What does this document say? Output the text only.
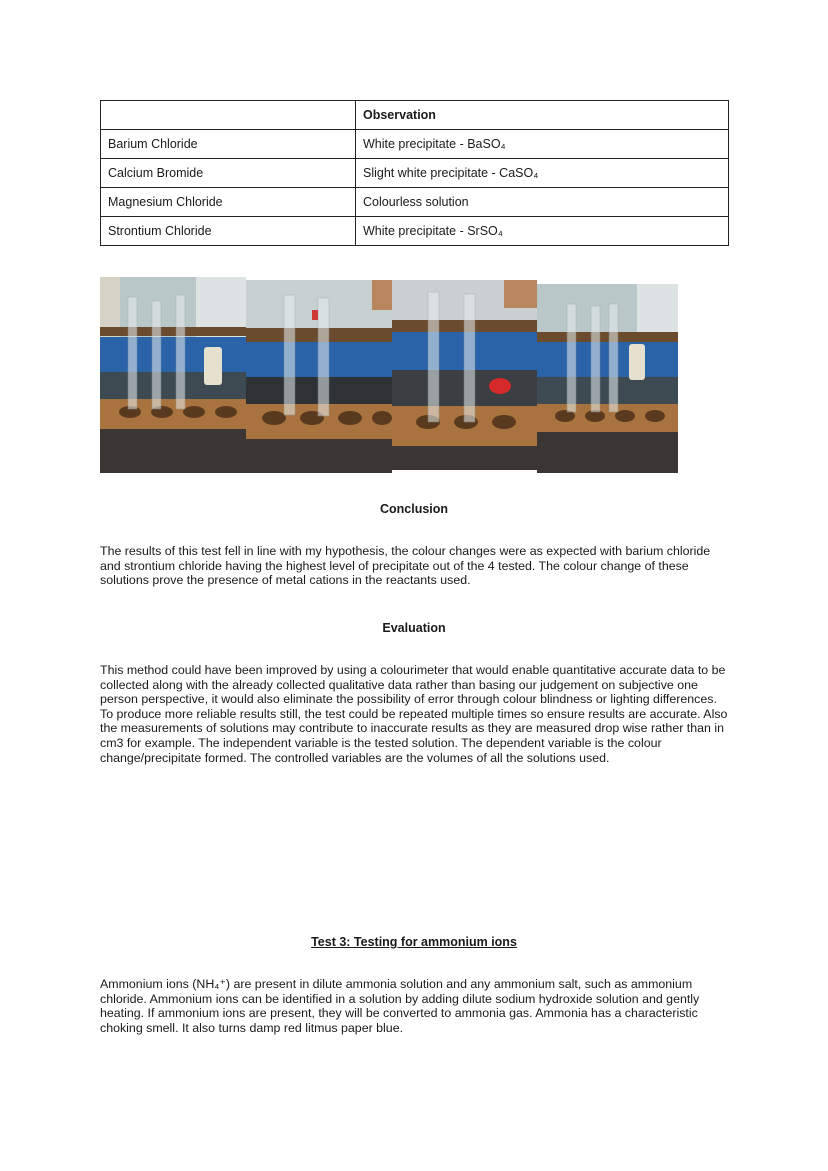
	Observation
Barium Chloride	White precipitate - BaSO₄
Calcium Bromide	Slight white precipitate - CaSO₄
Magnesium Chloride	Colourless solution
Strontium Chloride	White precipitate - SrSO₄
Conclusion
The results of this test fell in line with my hypothesis, the colour changes were as expected with barium chloride and strontium chloride having the highest level of precipitate out of the 4 tested. The colour change of these solutions prove the presence of metal cations in the reactants used.
Evaluation
This method could have been improved by using a colourimeter that would enable quantitative accurate data to be collected along with the already collected qualitative data rather than basing our judgement on subjective one person perspective, it would also eliminate the possibility of error through colour blindness or lighting differences. To produce more reliable results still, the test could be repeated multiple times so ensure results are accurate. Also the measurements of solutions may contribute to inaccurate results as they are measured drop wise rather than in cm3 for example. The independent variable is the tested solution. The dependent variable is the colour change/precipitate formed. The controlled variables are the volumes of all the solutions used.
Test 3: Testing for ammonium ions
Ammonium ions (NH₄⁺) are present in dilute ammonia solution and any ammonium salt, such as ammonium chloride. Ammonium ions can be identified in a solution by adding dilute sodium hydroxide solution and gently heating. If ammonium ions are present, they will be converted to ammonia gas. Ammonia has a characteristic choking smell. It also turns damp red litmus paper blue.
